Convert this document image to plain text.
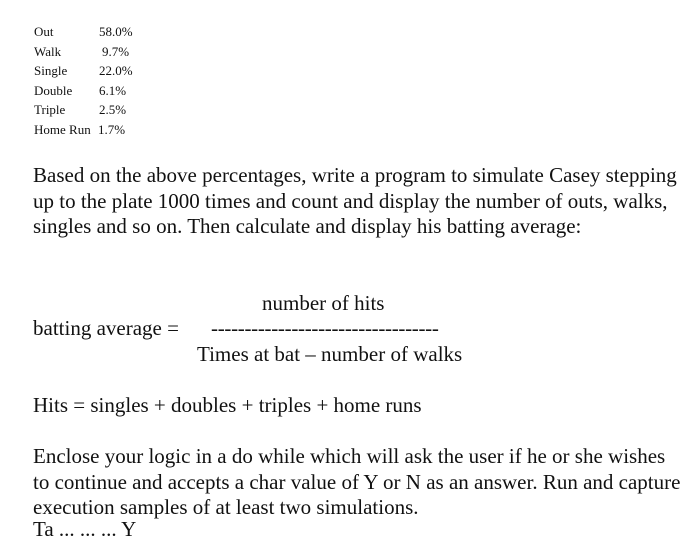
Out	58.0%
Walk	9.7%
Single 22.0%
Double 6.1%
Triple	2.5%
Home Run 1.7%

Based on the above percentages, write a program to simulate Casey stepping up to the plate 1000 times and count and display the number of outs, walks, singles and so on. Then calculate and display his batting average:

number of hits
batting average = ----------------------------------
Times at bat – number of walks
Hits = singles + doubles + triples + home runs

Enclose your logic in a do while which will ask the user if he or she wishes to continue and accepts a char value of Y or N as an answer. Run and capture execution samples of at least two simulations.

Ta ... ... ... Y
